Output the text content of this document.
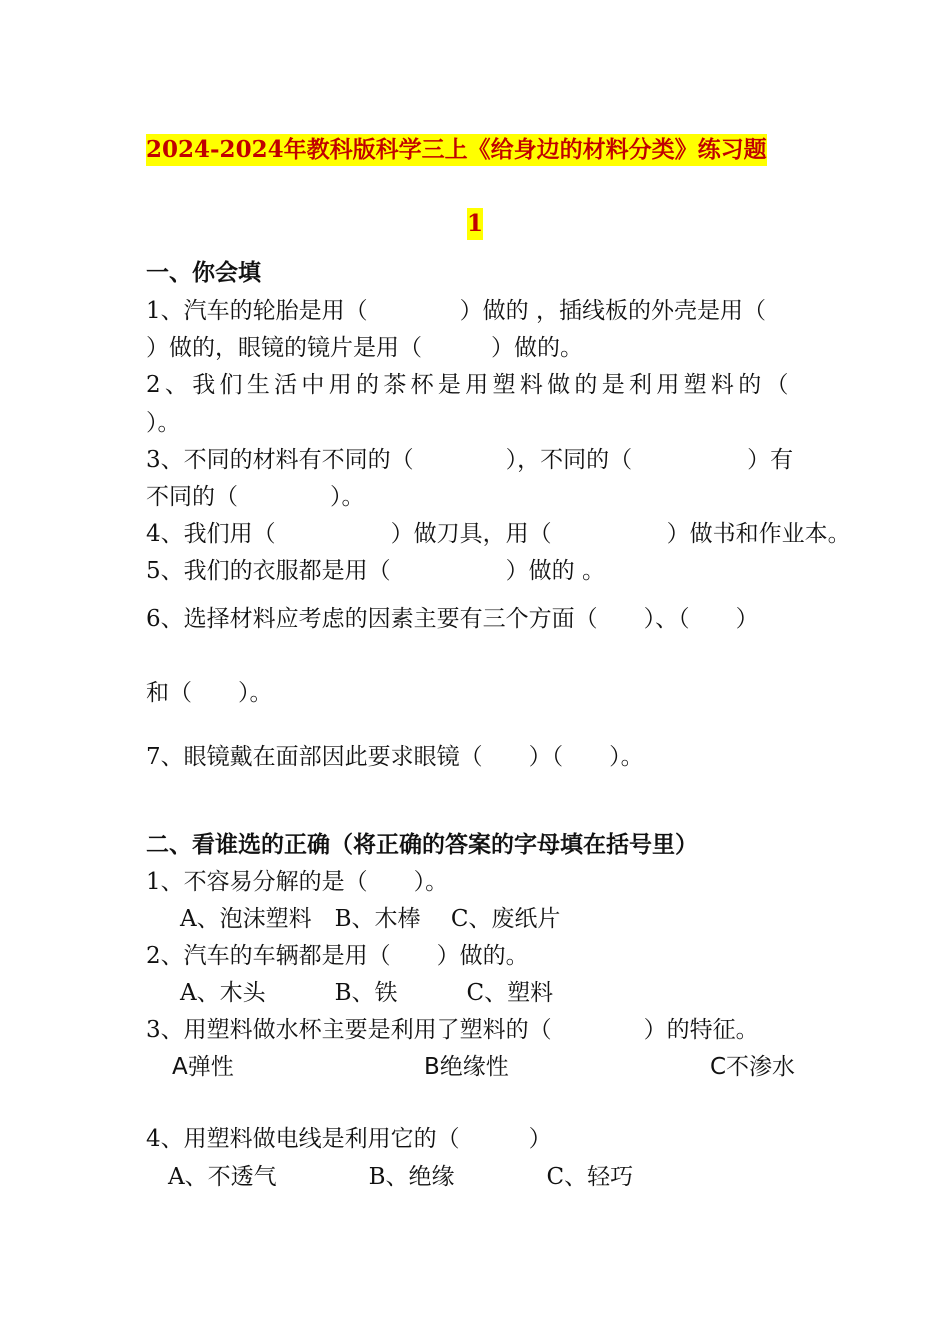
2024-2024年教科版科学三上《给身边的材料分类》练习题
1
一、你会填
1、汽车的轮胎是用（　　　　）做的 ，插线板的外壳是用（
）做的，眼镜的镜片是用（　　　）做的。
2、我们生活中用的茶杯是用塑料做的是利用塑料的（
）。
3、不同的材料有不同的（　　　　），不同的（　　　　　）有
不同的（　　　　）。
4、我们用（　　　　　）做刀具，用（　　　　　）做书和作业本。
5、我们的衣服都是用（　　　　　）做的 。
6、选择材料应考虑的因素主要有三个方面（　　）、（　　）
和（　　）。
7、眼镜戴在面部因此要求眼镜（　　）（　　）。
二、看谁选的正确（将正确的答案的字母填在括号里）
1、不容易分解的是（　　）。
A、泡沫塑料　B、木棒　 C、废纸片
2、汽车的车辆都是用（　　）做的。
A、木头　　　B、铁　　　C、塑料
3、用塑料做水杯主要是利用了塑料的（　　　　）的特征。
A弹性	B绝缘性	C不渗水
4、用塑料做电线是利用它的（　　　）
A、不透气　　　　B、绝缘　　　　C、轻巧
